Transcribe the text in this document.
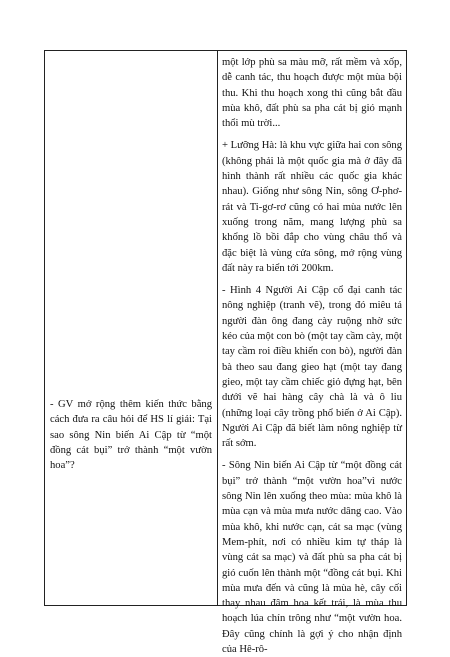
- GV mở rộng thêm kiến thức bằng cách đưa ra câu hỏi để HS lí giải: Tại sao sông Nin biến Ai Cập từ “một đồng cát bụi” trở thành “một vườn hoa”?

một lớp phù sa màu mỡ, rất mềm và xốp, dễ canh tác, thu hoạch được một mùa bội thu. Khi thu hoạch xong thì cũng bắt đầu mùa khô, đất phù sa pha cát bị gió mạnh thổi mù trời...

+ Lưỡng Hà: là khu vực giữa hai con sông (không phải là một quốc gia mà ở đây đã hình thành rất nhiều các quốc gia khác nhau). Giống như sông Nin, sông Ơ-phơ-rát và Ti-gơ-rơ cũng có hai mùa nước lên xuống trong năm, mang lượng phù sa khổng lồ bồi đắp cho vùng châu thổ và đặc biệt là vùng cửa sông, mở rộng vùng đất này ra biển tới 200km.

- Hình 4 Người Ai Cập cổ đại canh tác nông nghiệp (tranh vẽ), trong đó miêu tả người đàn ông đang cày ruộng nhờ sức kéo của một con bò (một tay cầm cày, một tay cầm roi điều khiển con bò), người đàn bà theo sau đang gieo hạt (một tay đang gieo, một tay cầm chiếc giỏ đựng hạt, bên dưới vẽ hai hàng cây chà là và ô liu (những loại cây trồng phổ biến ở Ai Cập). Người Ai Cập đã biết làm nông nghiệp từ rất sớm.

- Sông Nin biến Ai Cập từ “một đồng cát bụi” trở thành “một vườn hoa”vì nước sông Nin lên xuống theo mùa: mùa khô là mùa cạn và mùa mưa nước dâng cao. Vào mùa khô, khi nước cạn, cát sa mạc (vùng Mem-phít, nơi có nhiều kim tự tháp là vùng cát sa mạc) và đất phù sa pha cát bị gió cuốn lên thành một “đồng cát bụi. Khi mùa mưa đến và cũng là mùa hè, cây cối thay nhau đâm hoa kết trái, là mùa thu hoạch lúa chín trông như “một vườn hoa. Đây cũng chính là gợi ý cho nhận định của Hê-rô-
